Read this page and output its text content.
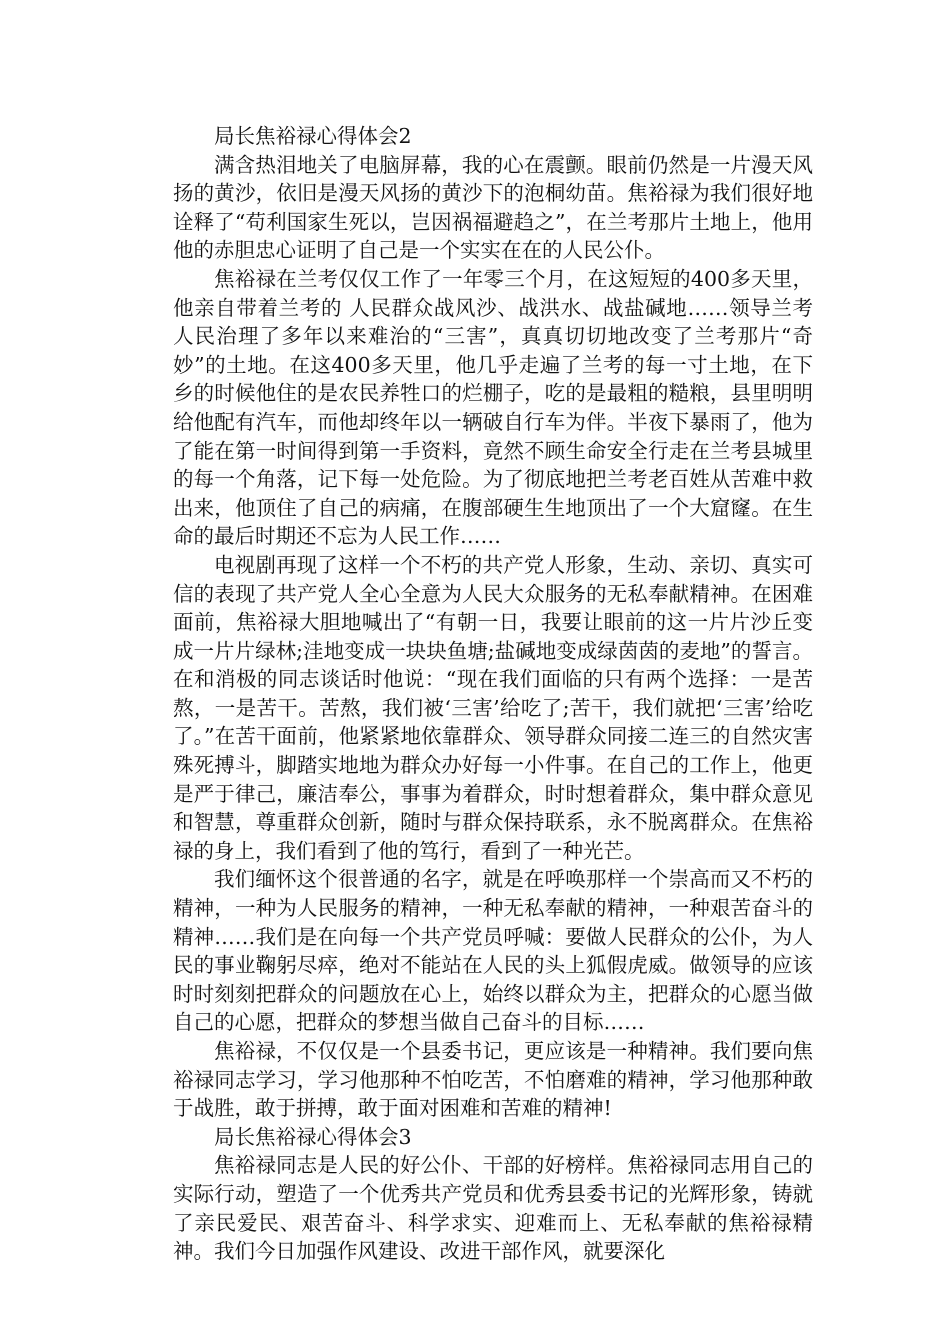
局长焦裕禄心得体会2

满含热泪地关了电脑屏幕，我的心在震颤。眼前仍然是一片漫天风扬的黄沙，依旧是漫天风扬的黄沙下的泡桐幼苗。焦裕禄为我们很好地诠释了“苟利国家生死以，岂因祸福避趋之”，在兰考那片土地上，他用他的赤胆忠心证明了自己是一个实实在在的人民公仆。

焦裕禄在兰考仅仅工作了一年零三个月，在这短短的400多天里，他亲自带着兰考的 人民群众战风沙、战洪水、战盐碱地……领导兰考人民治理了多年以来难治的“三害”，真真切切地改变了兰考那片“奇妙”的土地。在这400多天里，他几乎走遍了兰考的每一寸土地，在下乡的时候他住的是农民养牲口的烂棚子，吃的是最粗的糙粮，县里明明给他配有汽车，而他却终年以一辆破自行车为伴。半夜下暴雨了，他为了能在第一时间得到第一手资料，竟然不顾生命安全行走在兰考县城里的每一个角落，记下每一处危险。为了彻底地把兰考老百姓从苦难中救出来，他顶住了自己的病痛，在腹部硬生生地顶出了一个大窟窿。在生命的最后时期还不忘为人民工作……

电视剧再现了这样一个不朽的共产党人形象，生动、亲切、真实可信的表现了共产党人全心全意为人民大众服务的无私奉献精神。在困难面前，焦裕禄大胆地喊出了“有朝一日，我要让眼前的这一片片沙丘变成一片片绿林;洼地变成一块块鱼塘;盐碱地变成绿茵茵的麦地”的誓言。在和消极的同志谈话时他说：“现在我们面临的只有两个选择：一是苦熬，一是苦干。苦熬，我们被‘三害’给吃了;苦干，我们就把‘三害’给吃了。”在苦干面前，他紧紧地依靠群众、领导群众同接二连三的自然灾害殊死搏斗，脚踏实地地为群众办好每一小件事。在自己的工作上，他更是严于律己，廉洁奉公，事事为着群众，时时想着群众，集中群众意见和智慧，尊重群众创新，随时与群众保持联系，永不脱离群众。在焦裕禄的身上，我们看到了他的笃行，看到了一种光芒。

我们缅怀这个很普通的名字，就是在呼唤那样一个崇高而又不朽的精神，一种为人民服务的精神，一种无私奉献的精神，一种艰苦奋斗的精神……我们是在向每一个共产党员呼喊：要做人民群众的公仆，为人民的事业鞠躬尽瘁，绝对不能站在人民的头上狐假虎威。做领导的应该时时刻刻把群众的问题放在心上，始终以群众为主，把群众的心愿当做自己的心愿，把群众的梦想当做自己奋斗的目标……

焦裕禄，不仅仅是一个县委书记，更应该是一种精神。我们要向焦裕禄同志学习，学习他那种不怕吃苦，不怕磨难的精神，学习他那种敢于战胜，敢于拼搏，敢于面对困难和苦难的精神!

局长焦裕禄心得体会3

焦裕禄同志是人民的好公仆、干部的好榜样。焦裕禄同志用自己的实际行动，塑造了一个优秀共产党员和优秀县委书记的光辉形象，铸就了亲民爱民、艰苦奋斗、科学求实、迎难而上、无私奉献的焦裕禄精神。我们今日加强作风建设、改进干部作风，就要深化
